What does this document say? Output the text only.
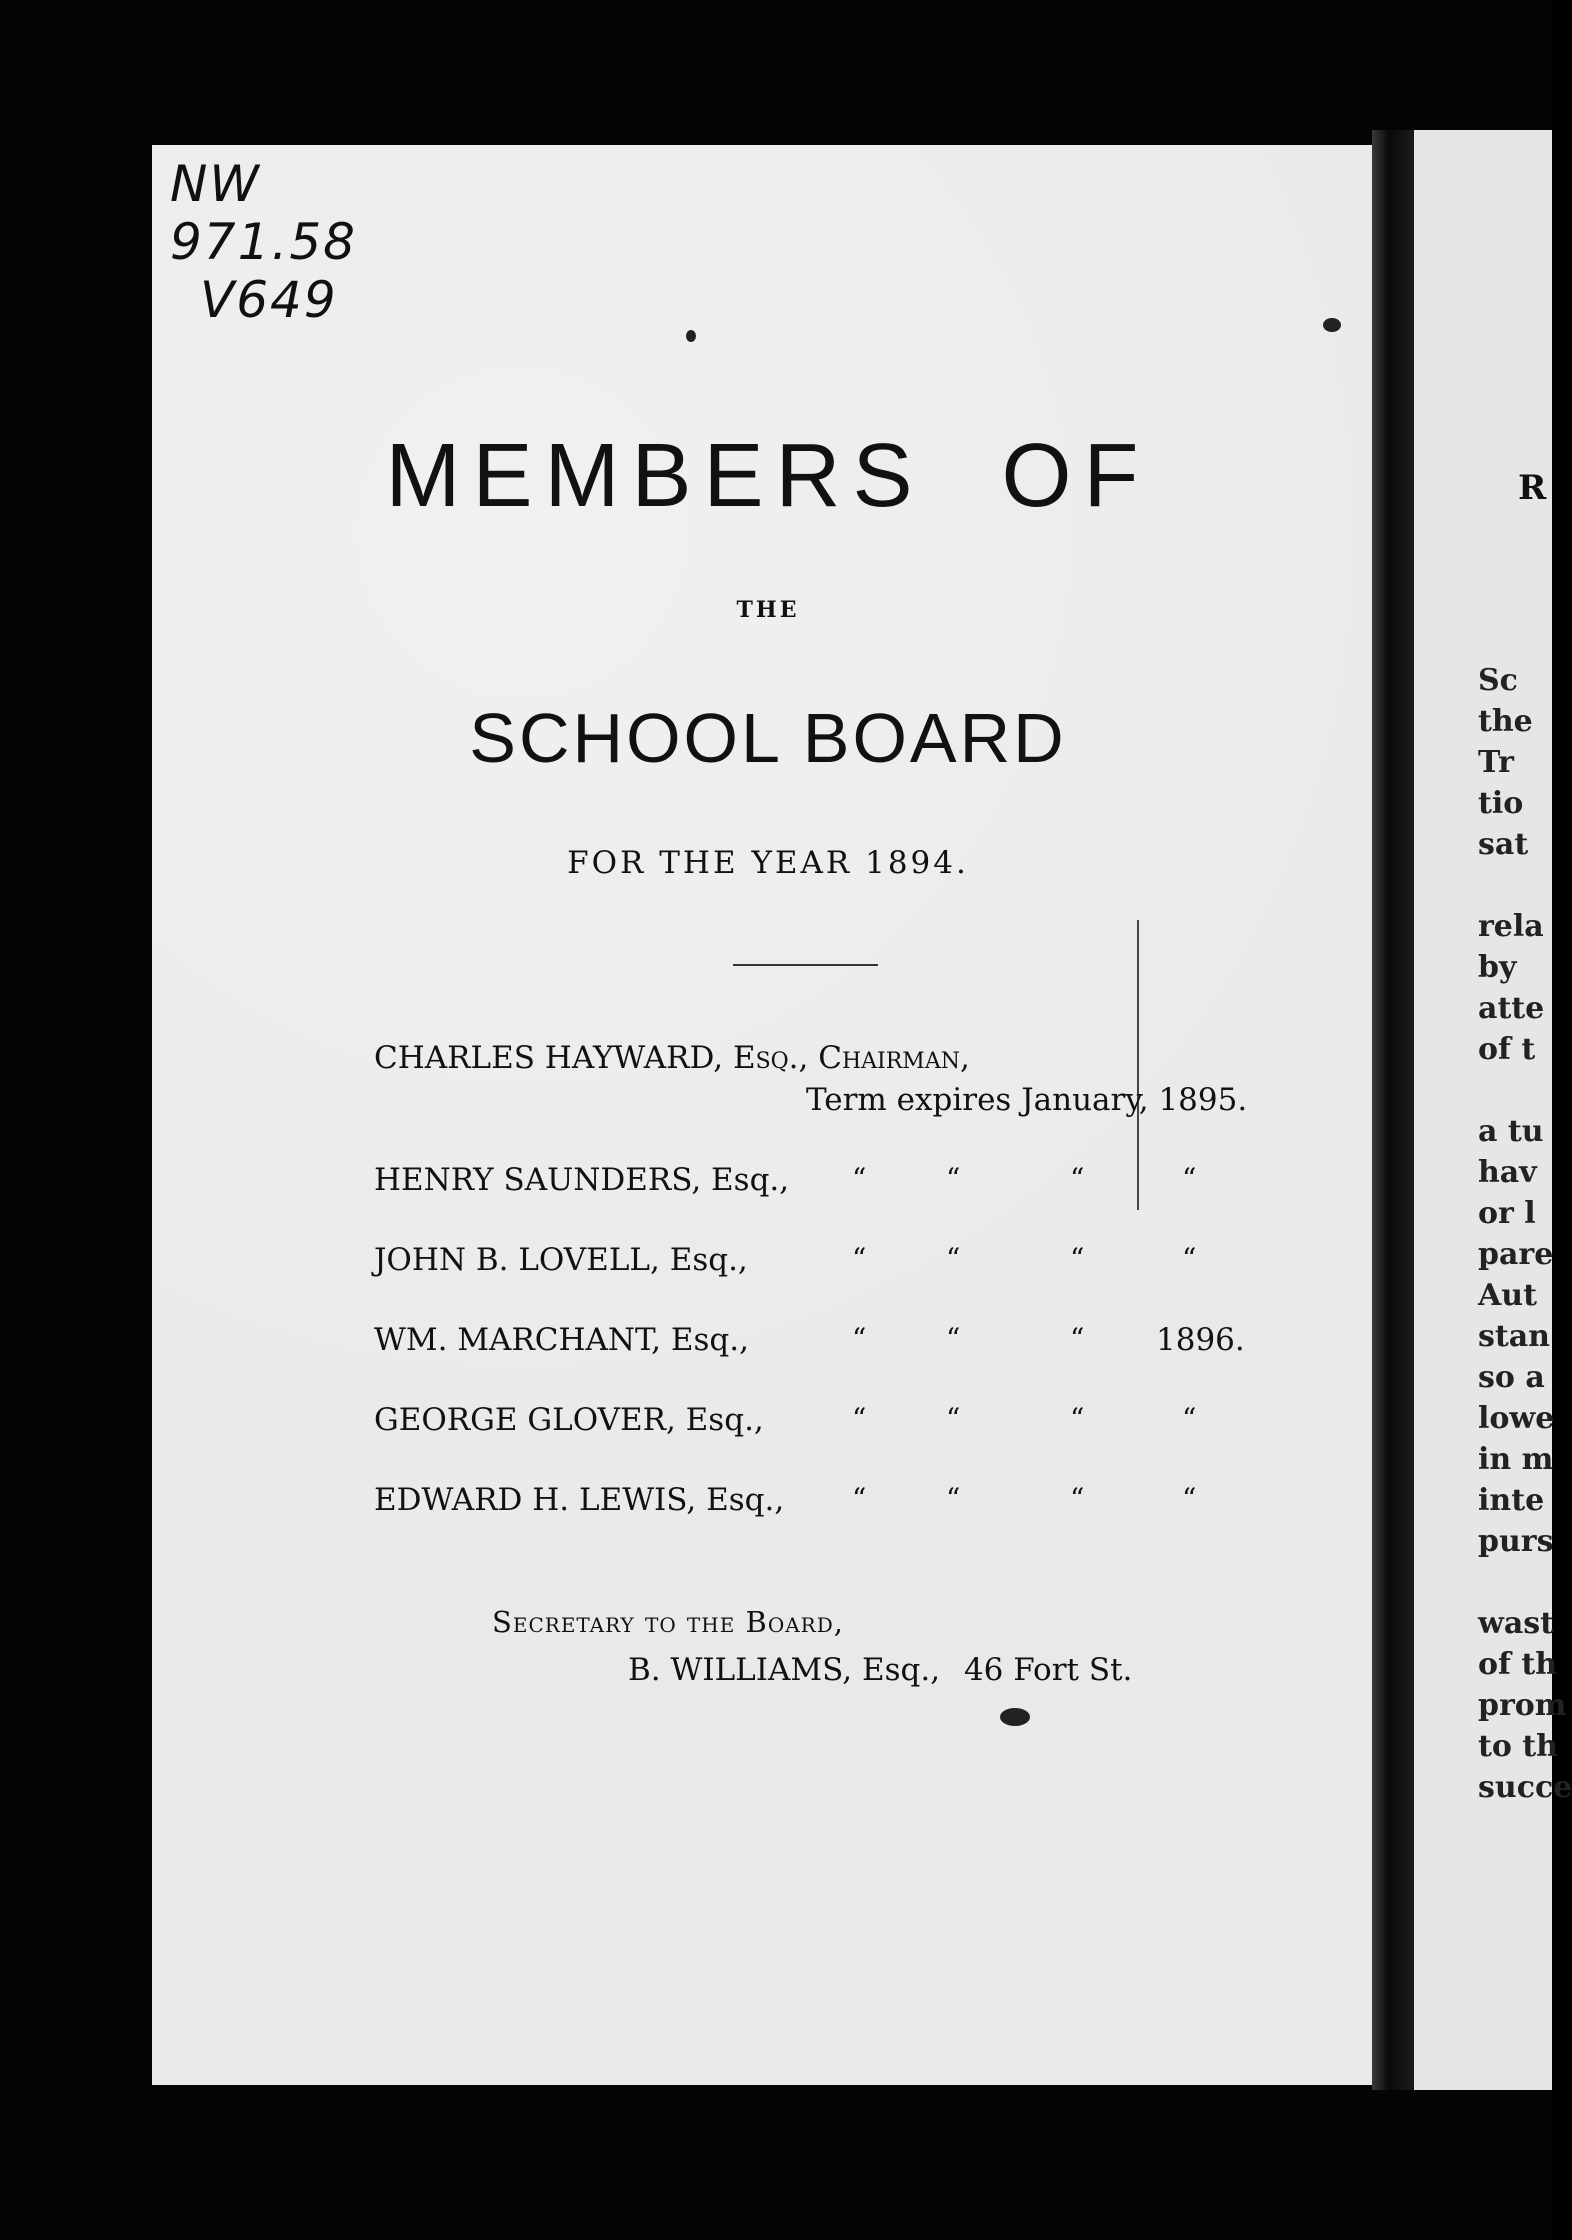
NW
971.58
V649
MEMBERS OF
THE
SCHOOL BOARD
FOR THE YEAR 1894.
CHARLES HAYWARD, Esq., Chairman,
Term expires January, 1895.
HENRY SAUNDERS, Esq., “	“	“	“
JOHN B. LOVELL, Esq.,	“	“	“	“
WM. MARCHANT, Esq.,	“	“	“ 1896.
GEORGE GLOVER, Esq.,	“	“	“	“
EDWARD H. LEWIS, Esq., “	“	“	“
Secretary to the Board,
B. WILLIAMS, Esq., 46 Fort St.
R
Sc
the
Tr
tio
sat

rela
by
atte
of t

a tu
hav
or l
pare
Aut
stan
so a
lowe
in m
inte
purs

wast
of th
prom
to th
succe
